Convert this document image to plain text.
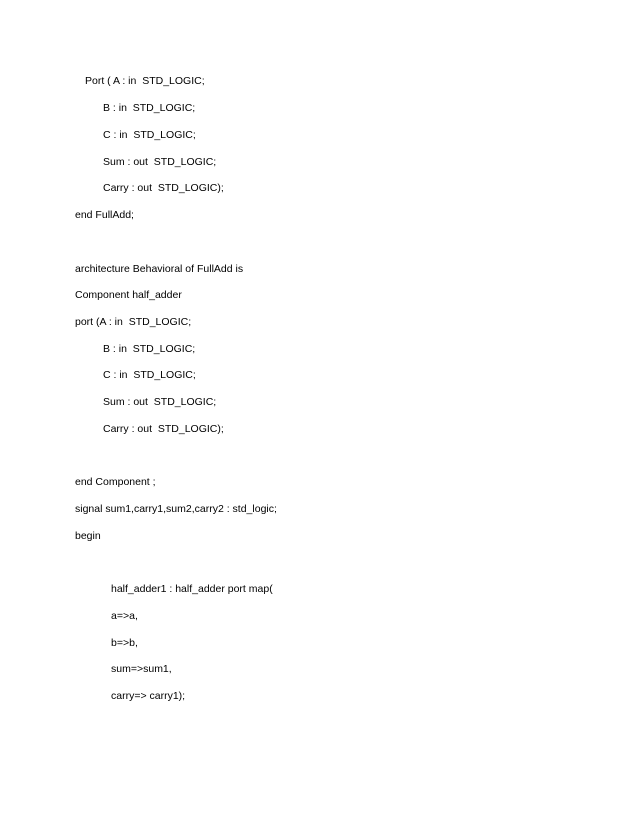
Port ( A : in  STD_LOGIC;

B : in  STD_LOGIC;

C : in  STD_LOGIC;

Sum : out  STD_LOGIC;

Carry : out  STD_LOGIC);

end FullAdd;

architecture Behavioral of FullAdd is

Component half_adder

port (A : in  STD_LOGIC;

B : in  STD_LOGIC;

C : in  STD_LOGIC;

Sum : out  STD_LOGIC;

Carry : out  STD_LOGIC);

end Component ;

signal sum1,carry1,sum2,carry2 : std_logic;

begin

half_adder1 : half_adder port map(

a=>a,

b=>b,

sum=>sum1,

carry=> carry1);
